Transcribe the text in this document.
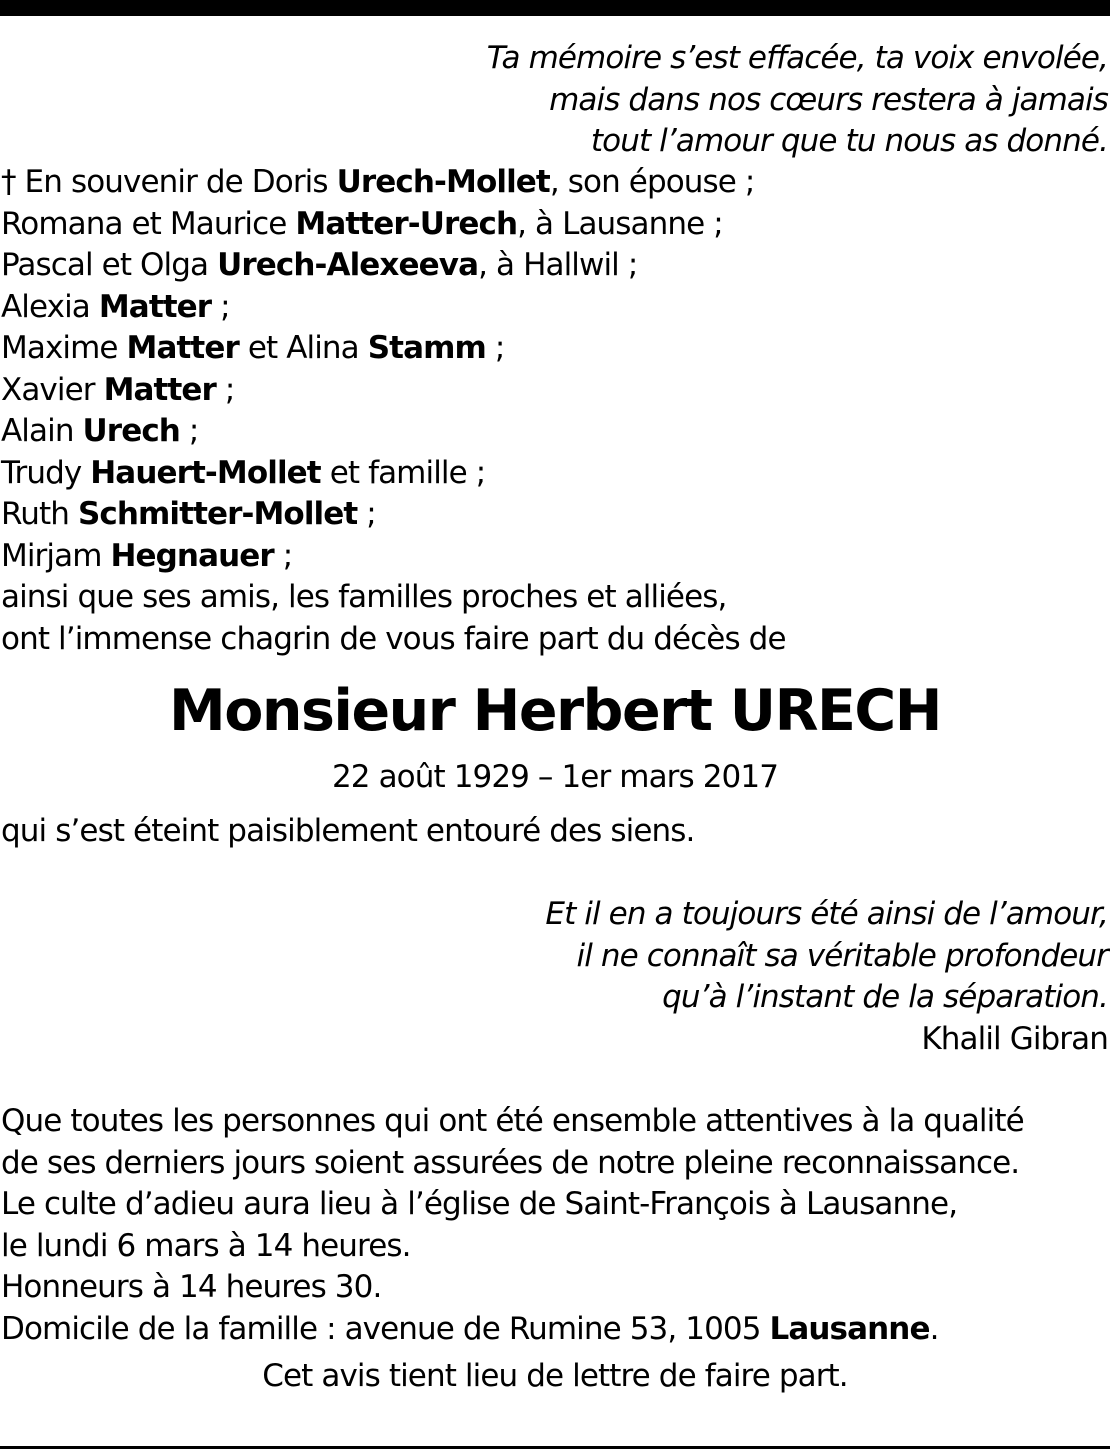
Ta mémoire s’est effacée, ta voix envolée,
mais dans nos cœurs restera à jamais
tout l’amour que tu nous as donné.
† En souvenir de Doris Urech-Mollet, son épouse ;
Romana et Maurice Matter-Urech, à Lausanne ;
Pascal et Olga Urech-Alexeeva, à Hallwil ;
Alexia Matter ;
Maxime Matter et Alina Stamm ;
Xavier Matter ;
Alain Urech ;
Trudy Hauert-Mollet et famille ;
Ruth Schmitter-Mollet ;
Mirjam Hegnauer ;
ainsi que ses amis, les familles proches et alliées,
ont l’immense chagrin de vous faire part du décès de
Monsieur Herbert URECH
22 août 1929 – 1er mars 2017
qui s’est éteint paisiblement entouré des siens.
Et il en a toujours été ainsi de l’amour,
il ne connaît sa véritable profondeur
qu’à l’instant de la séparation.
Khalil Gibran
Que toutes les personnes qui ont été ensemble attentives à la qualité
de ses derniers jours soient assurées de notre pleine reconnaissance.
Le culte d’adieu aura lieu à l’église de Saint-François à Lausanne,
le lundi 6 mars à 14 heures.
Honneurs à 14 heures 30.
Domicile de la famille : avenue de Rumine 53, 1005 Lausanne.
Cet avis tient lieu de lettre de faire part.
